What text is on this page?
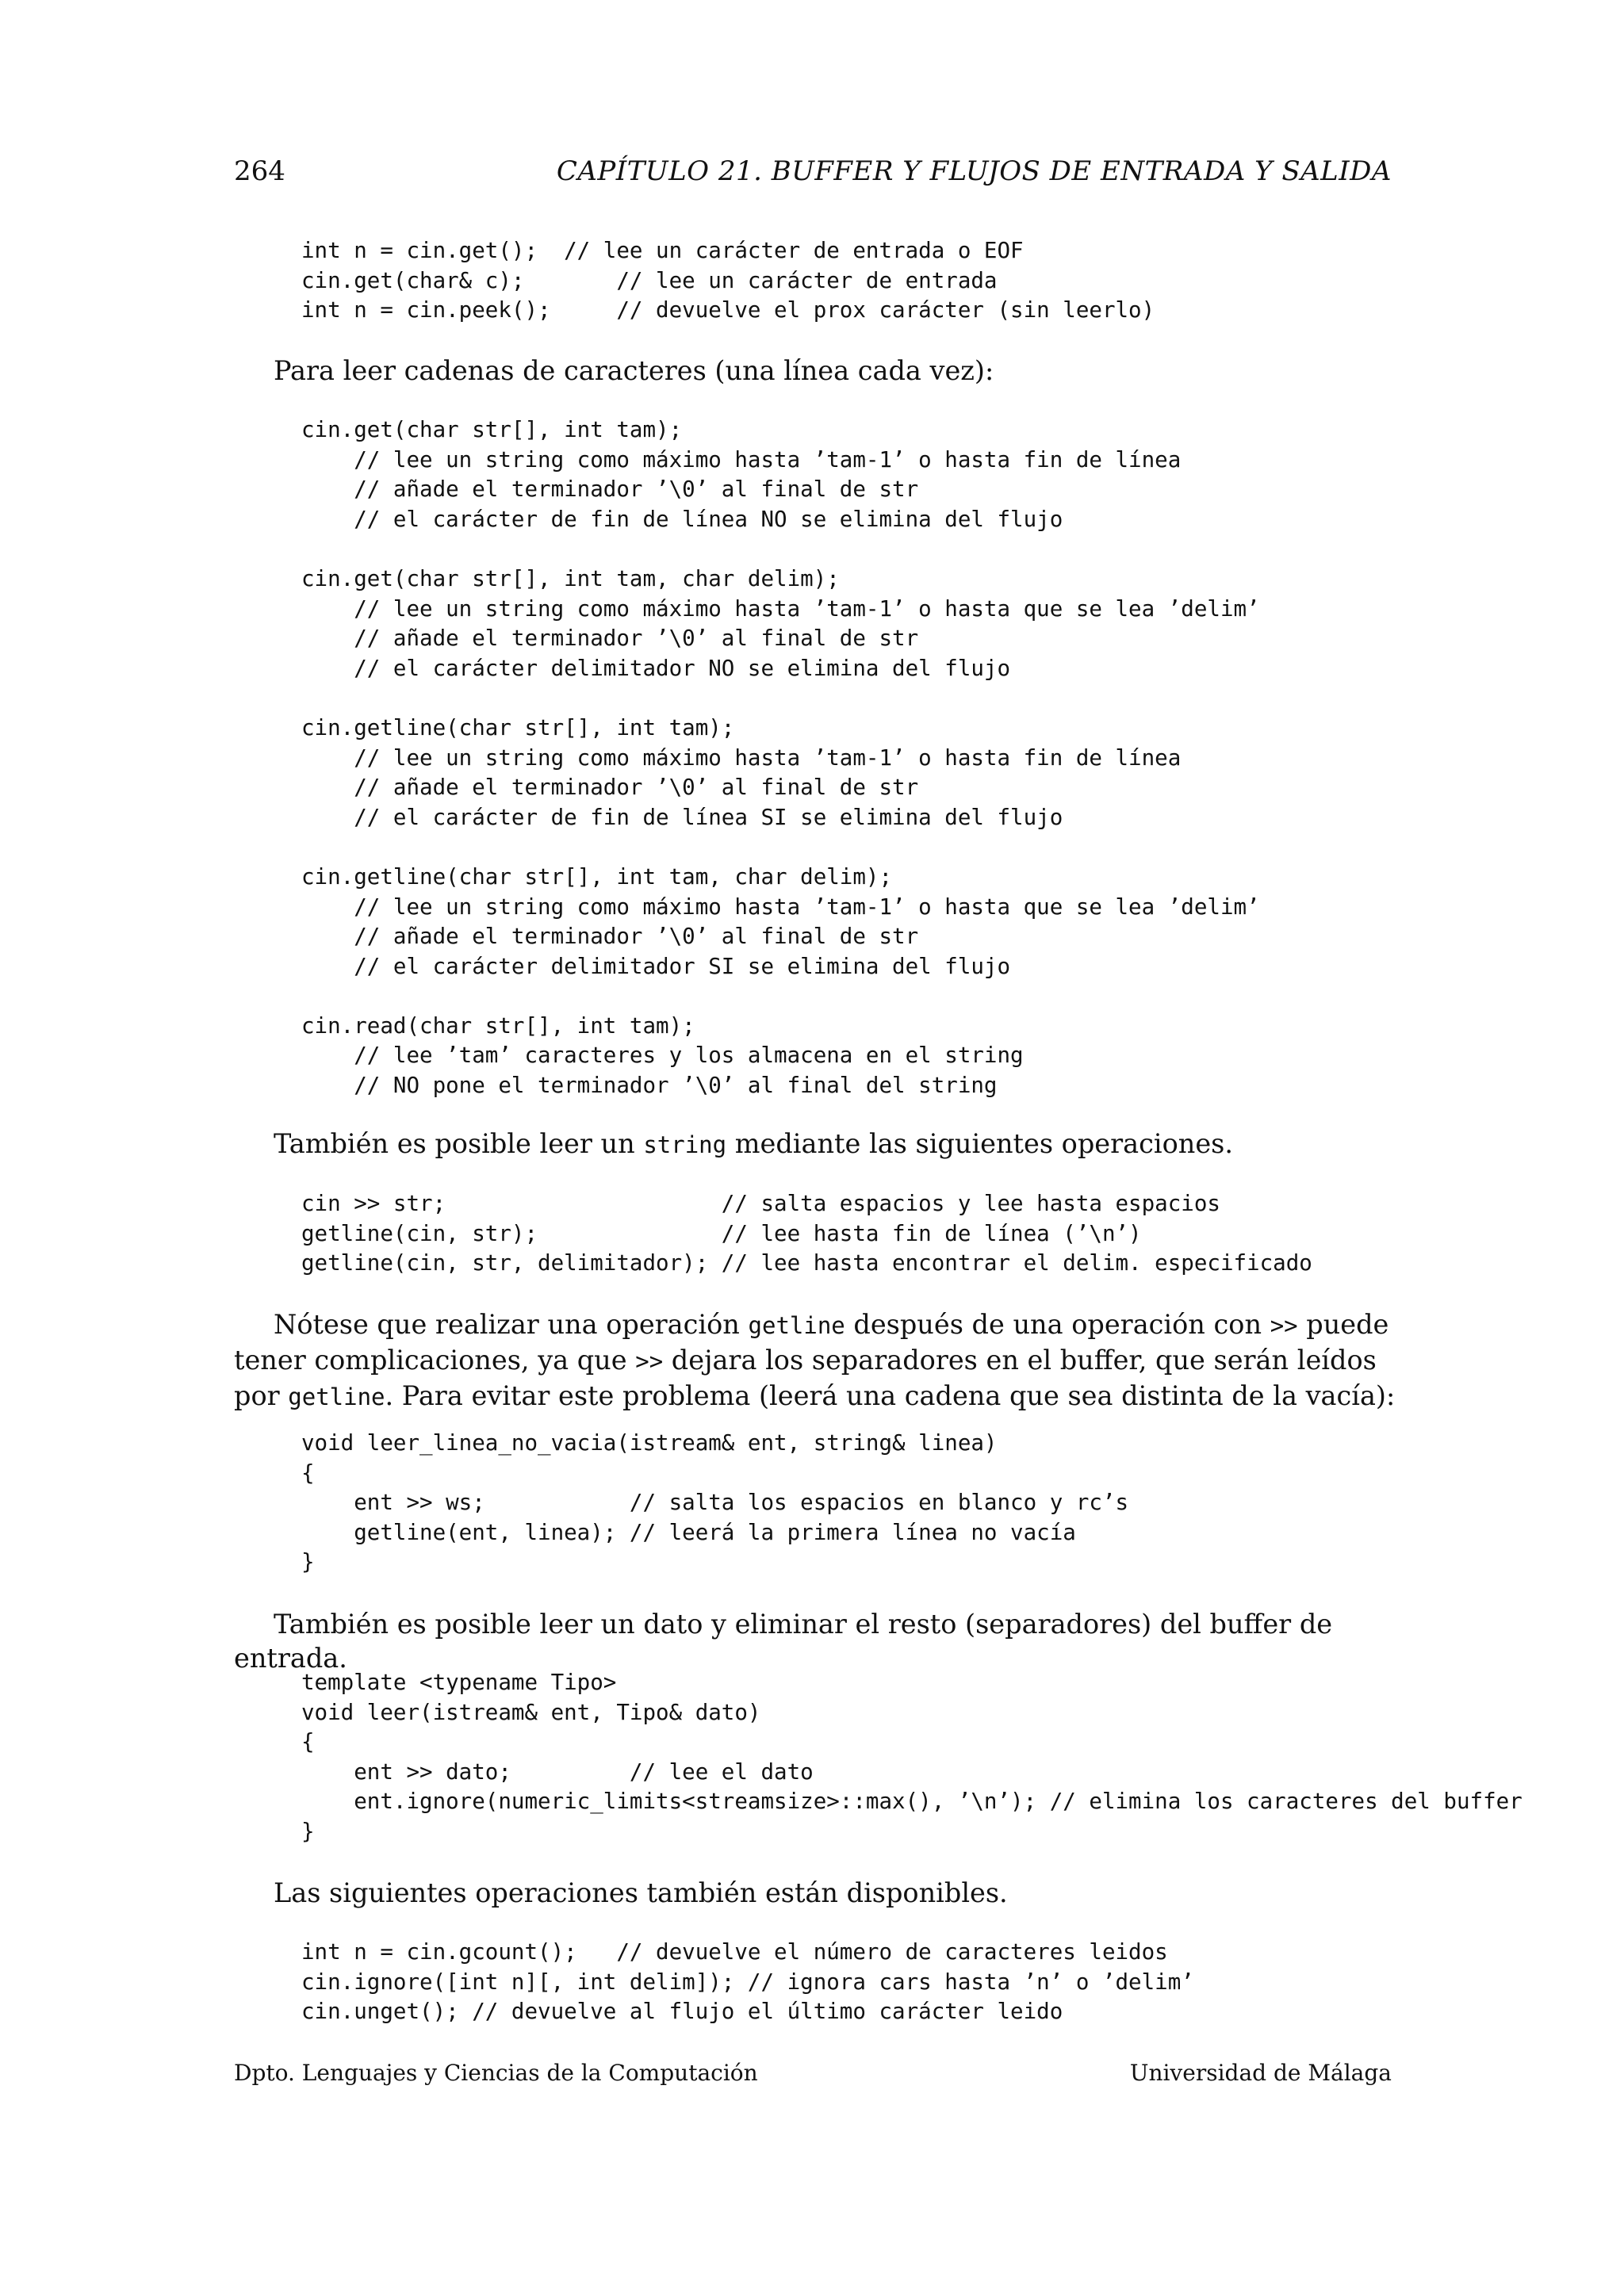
264	CAPÍTULO 21. BUFFER Y FLUJOS DE ENTRADA Y SALIDA
int n = cin.get();  // lee un carácter de entrada o EOF
cin.get(char& c);       // lee un carácter de entrada
int n = cin.peek();     // devuelve el prox carácter (sin leerlo)

Para leer cadenas de caracteres (una línea cada vez):

cin.get(char str[], int tam);
// lee un string como máximo hasta ’tam-1’ o hasta fin de línea
// añade el terminador ’\0’ al final de str
// el carácter de fin de línea NO se elimina del flujo

cin.get(char str[], int tam, char delim);
// lee un string como máximo hasta ’tam-1’ o hasta que se lea ’delim’
// añade el terminador ’\0’ al final de str
// el carácter delimitador NO se elimina del flujo

cin.getline(char str[], int tam);
// lee un string como máximo hasta ’tam-1’ o hasta fin de línea
// añade el terminador ’\0’ al final de str
// el carácter de fin de línea SI se elimina del flujo

cin.getline(char str[], int tam, char delim);
// lee un string como máximo hasta ’tam-1’ o hasta que se lea ’delim’
// añade el terminador ’\0’ al final de str
// el carácter delimitador SI se elimina del flujo

cin.read(char str[], int tam);
// lee ’tam’ caracteres y los almacena en el string
// NO pone el terminador ’\0’ al final del string

También es posible leer un string mediante las siguientes operaciones.

cin >> str;                     // salta espacios y lee hasta espacios
getline(cin, str);              // lee hasta fin de línea (’\n’)
getline(cin, str, delimitador); // lee hasta encontrar el delim. especificado

Nótese que realizar una operación getline después de una operación con >> puede tener complicaciones, ya que >> dejara los separadores en el buffer, que serán leídos por getline. Para evitar este problema (leerá una cadena que sea distinta de la vacía):

void leer_linea_no_vacia(istream& ent, string& linea)
{
ent >> ws;           // salta los espacios en blanco y rc’s
getline(ent, linea); // leerá la primera línea no vacía
}

También es posible leer un dato y eliminar el resto (separadores) del buffer de entrada.

template <typename Tipo>
void leer(istream& ent, Tipo& dato)
{
ent >> dato;         // lee el dato
ent.ignore(numeric_limits<streamsize>::max(), ’\n’); // elimina los caracteres del buffer
}

Las siguientes operaciones también están disponibles.

int n = cin.gcount();   // devuelve el número de caracteres leidos
cin.ignore([int n][, int delim]); // ignora cars hasta ’n’ o ’delim’
cin.unget(); // devuelve al flujo el último carácter leido
Dpto. Lenguajes y Ciencias de la Computación	Universidad de Málaga
